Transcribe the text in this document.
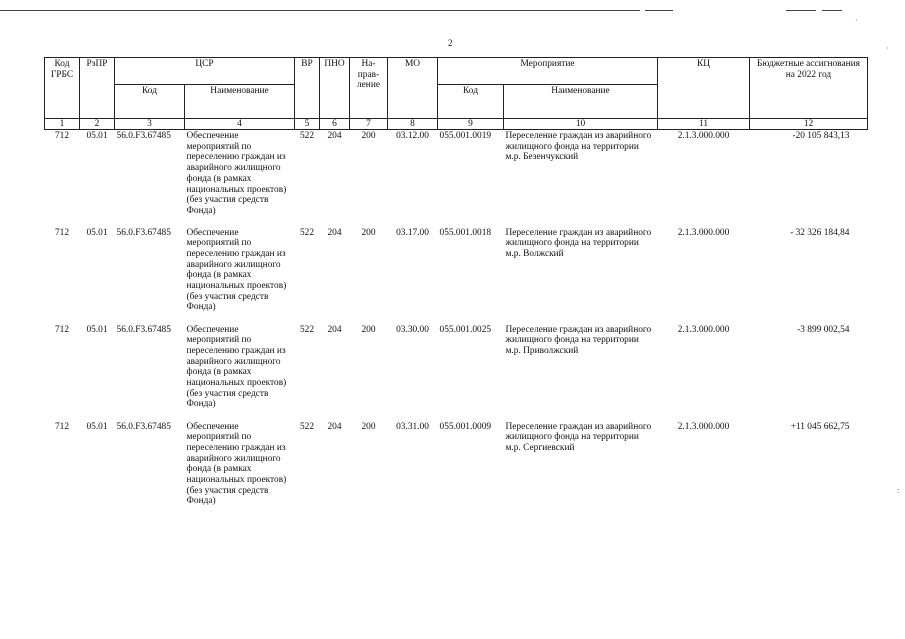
·
·
:
2
Код ГРБС	РзПР	ЦСР		ВР	ПНО	На-прав-ление	МО	Мероприятие		КЦ	Бюджетные ассигнования на 2022 год
		Код	Наименование					Код	Наименование		
1	2	3	4	5	6	7	8	9	10	11	12
712	05.01	56.0.F3.67485	Обеспечение мероприятий по переселению граждан из аварийного жилищного фонда (в рамках национальных проектов) (без участия средств Фонда)	522	204	200	03.12.00	055.001.0019	Переселение граждан из аварийного жилищного фонда на территории м.р. Безенчукский	2.1.3.000.000	-20 105 843,13
712	05.01	56.0.F3.67485	Обеспечение мероприятий по переселению граждан из аварийного жилищного фонда (в рамках национальных проектов) (без участия средств Фонда)	522	204	200	03.17.00	055.001.0018	Переселение граждан из аварийного жилищного фонда на территории м.р. Волжский	2.1.3.000.000	- 32 326 184,84
712	05.01	56.0.F3.67485	Обеспечение мероприятий по переселению граждан из аварийного жилищного фонда (в рамках национальных проектов) (без участия средств Фонда)	522	204	200	03.30.00	055.001.0025	Переселение граждан из аварийного жилищного фонда на территории м.р. Приволжский	2.1.3.000.000	-3 899 002,54
712	05.01	56.0.F3.67485	Обеспечение мероприятий по переселению граждан из аварийного жилищного фонда (в рамках национальных проектов) (без участия средств Фонда)	522	204	200	03.31.00	055.001.0009	Переселение граждан из аварийного жилищного фонда на территории м.р. Сергиевский	2.1.3.000.000	+11 045 662,75
